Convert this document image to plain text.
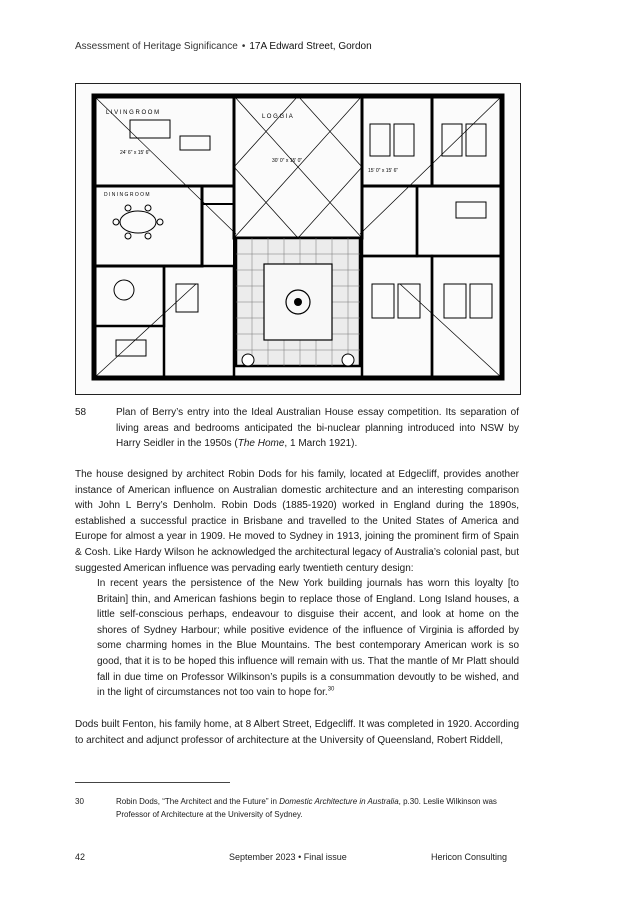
Assessment of Heritage Significance • 17A Edward Street, Gordon
L I V I N G R O O M
24' 6" x 15' 6"
L O G G I A
30' 0" x 15' 0"
D I N I N G R O O M
15' 0" x 15' 6"
58	Plan of Berry’s entry into the Ideal Australian House essay competition. Its separation of living areas and bedrooms anticipated the bi-nuclear planning introduced into NSW by Harry Seidler in the 1950s (The Home, 1 March 1921).
The house designed by architect Robin Dods for his family, located at Edgecliff, provides another instance of American influence on Australian domestic architecture and an interesting comparison with John L Berry’s Denholm. Robin Dods (1885-1920) worked in England during the 1890s, established a successful practice in Brisbane and travelled to the United States of America and Europe for almost a year in 1909. He moved to Sydney in 1913, joining the prominent firm of Spain & Cosh. Like Hardy Wilson he acknowledged the architectural legacy of Australia’s colonial past, but suggested American influence was pervading early twentieth century design:
In recent years the persistence of the New York building journals has worn this loyalty [to Britain] thin, and American fashions begin to replace those of England. Long Island houses, a little self-conscious perhaps, endeavour to disguise their accent, and look at home on the shores of Sydney Harbour; while positive evidence of the influence of Virginia is afforded by some charming homes in the Blue Mountains. The best contemporary American work is so good, that it is to be hoped this influence will remain with us. That the mantle of Mr Platt should fall in due time on Professor Wilkinson’s pupils is a consummation devoutly to be wished, and in the light of circumstances not too vain to hope for.$^{30}$
Dods built Fenton, his family home, at 8 Albert Street, Edgecliff. It was completed in 1920. According to architect and adjunct professor of architecture at the University of Queensland, Robert Riddell,
30	Robin Dods, “The Architect and the Future” in Domestic Architecture in Australia, p.30. Leslie Wilkinson was Professor of Architecture at the University of Sydney.
42	September 2023 • Final issue	Hericon Consulting
